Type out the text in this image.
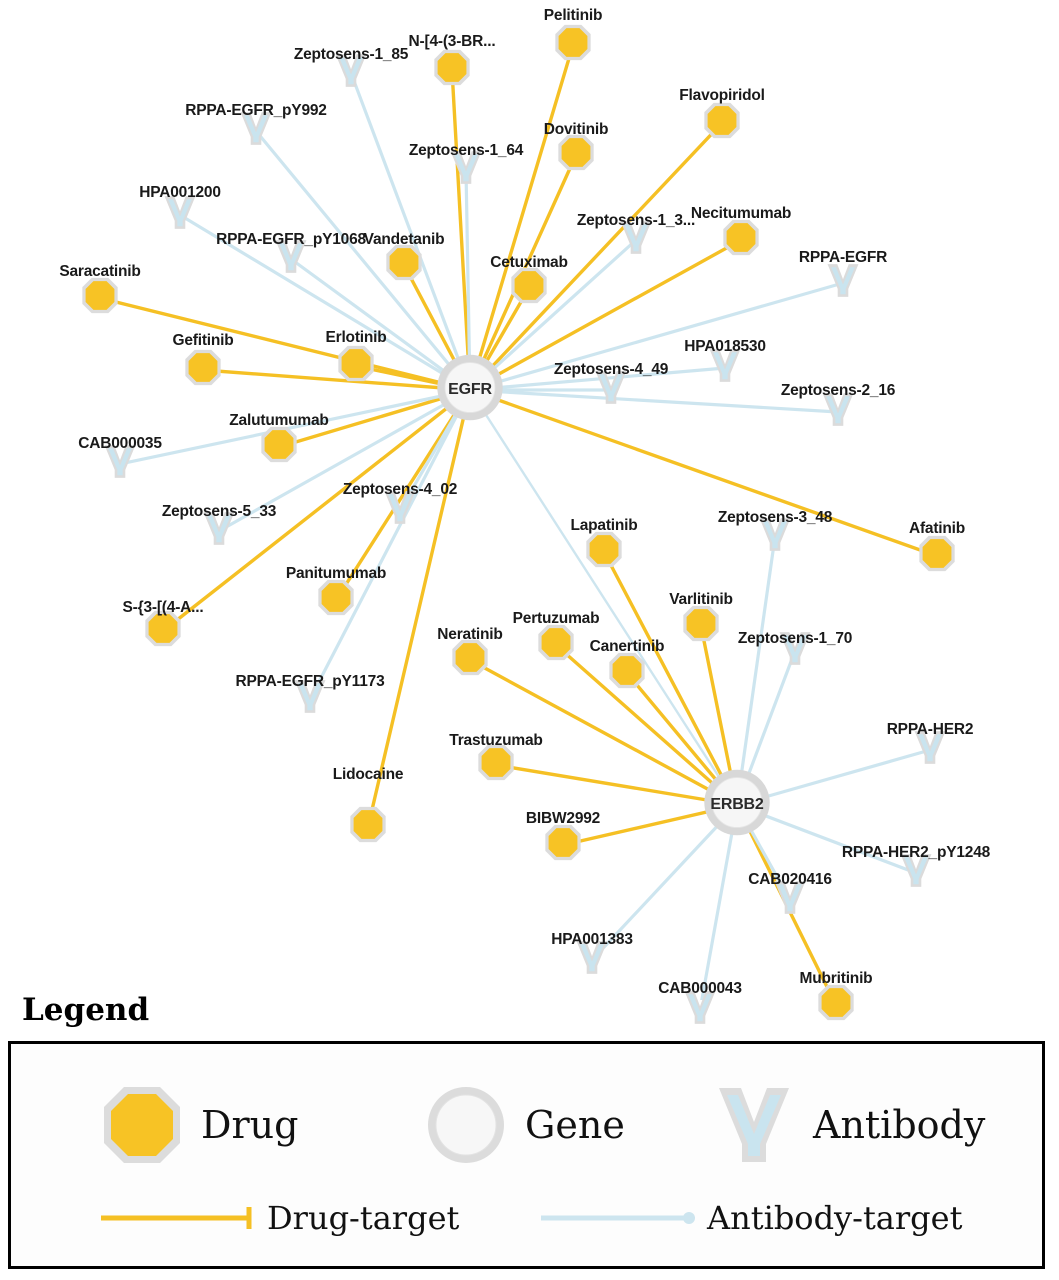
Zeptosens-1_85
RPPA-EGFR_pY992
Zeptosens-1_64
HPA001200
Zeptosens-1_3...
RPPA-EGFR_pY1068
RPPA-EGFR
HPA018530
Zeptosens-4_49
Zeptosens-2_16
CAB000035
Zeptosens-4_02
Zeptosens-5_33	Zeptosens-3_48
Zeptosens-1_70
RPPA-EGFR_pY1173
RPPA-HER2
RPPA-HER2_pY1248
CAB020416
HPA001383
CAB000043
Pelitinib
N-[4-(3-BR...
Flavopiridol
Dovitinib
Necitumumab
Vandetanib
Cetuximab
Saracatinib
Gefitinib	Erlotinib
Zalutumumab
Afatinib
Lapatinib
Varlitinib
Panitumumab
S-{3-[(4-A...
Pertuzumab
Neratinib
Canertinib
Trastuzumab
Lidocaine
BIBW2992
Mubritinib
EGFR
ERBB2
Legend
Drug	Gene	Antibody
Drug-target	Antibody-target
